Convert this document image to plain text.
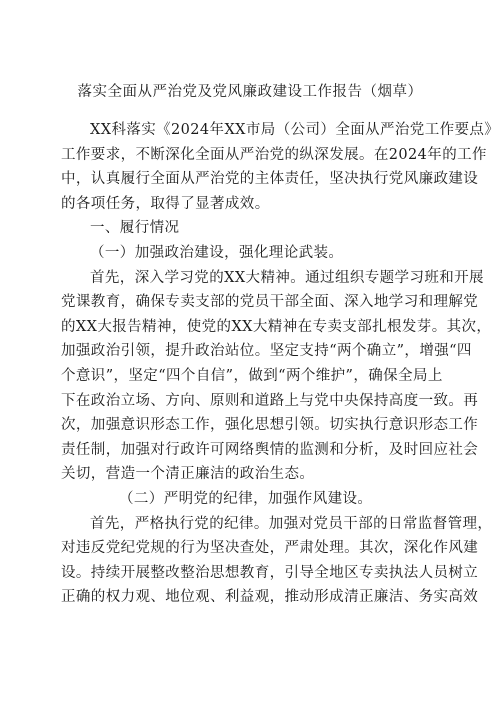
落实全面从严治党及党风廉政建设工作报告（烟草）
XX科落实《2024年XX市局（公司）全面从严治党工作要点》
工作要求，不断深化全面从严治党的纵深发展。在2024年的工作
中，认真履行全面从严治党的主体责任，坚决执行党风廉政建设
的各项任务，取得了显著成效。
一、履行情况
（一）加强政治建设，强化理论武装。
首先，深入学习党的XX大精神。通过组织专题学习班和开展
党课教育，确保专卖支部的党员干部全面、深入地学习和理解党
的XX大报告精神，使党的XX大精神在专卖支部扎根发芽。其次，
加强政治引领，提升政治站位。坚定支持“两个确立”，增强“四
个意识”，坚定“四个自信”，做到“两个维护”，确保全局上
下在政治立场、方向、原则和道路上与党中央保持高度一致。再
次，加强意识形态工作，强化思想引领。切实执行意识形态工作
责任制，加强对行政许可网络舆情的监测和分析，及时回应社会
关切，营造一个清正廉洁的政治生态。
（二）严明党的纪律，加强作风建设。
首先，严格执行党的纪律。加强对党员干部的日常监督管理，
对违反党纪党规的行为坚决查处，严肃处理。其次，深化作风建
设。持续开展整改整治思想教育，引导全地区专卖执法人员树立
正确的权力观、地位观、利益观，推动形成清正廉洁、务实高效
